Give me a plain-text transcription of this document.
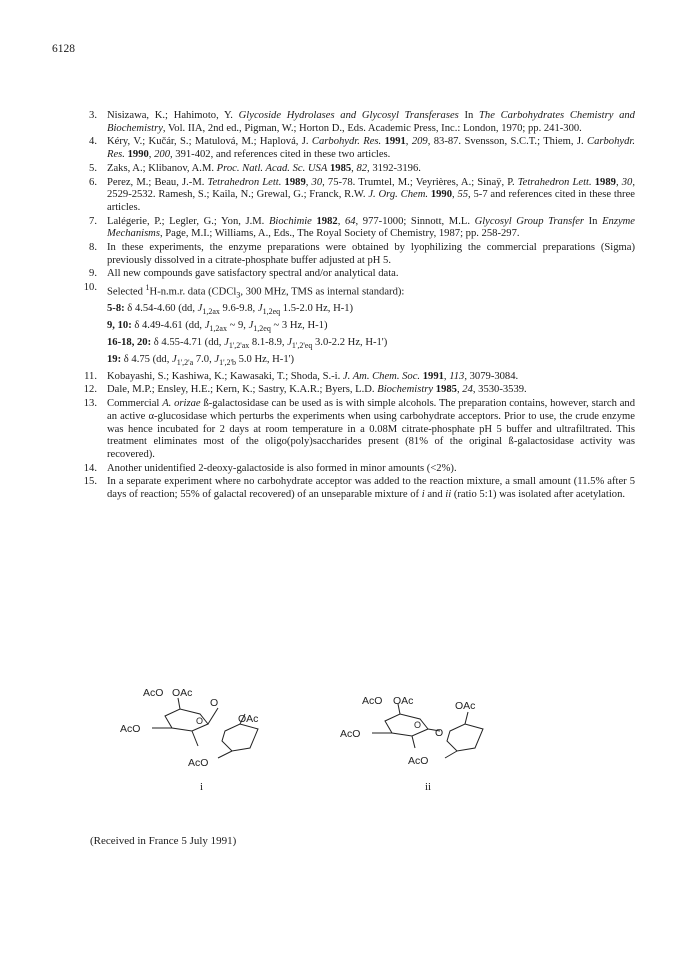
6128
3. Nisizawa, K.; Hahimoto, Y. Glycoside Hydrolases and Glycosyl Transferases In The Carbohydrates Chemistry and Biochemistry, Vol. IIA, 2nd ed., Pigman, W.; Horton D., Eds. Academic Press, Inc.: London, 1970; pp. 241-300.
4. Kéry, V.; Kučár, S.; Matulová, M.; Haplová, J. Carbohydr. Res. 1991, 209, 83-87. Svensson, S.C.T.; Thiem, J. Carbohydr. Res. 1990, 200, 391-402, and references cited in these two articles.
5. Zaks, A.; Klibanov, A.M. Proc. Natl. Acad. Sc. USA 1985, 82, 3192-3196.
6. Perez, M.; Beau, J.-M. Tetrahedron Lett. 1989, 30, 75-78. Trumtel, M.; Veyrières, A.; Sinaÿ, P. Tetrahedron Lett. 1989, 30, 2529-2532. Ramesh, S.; Kaila, N.; Grewal, G.; Franck, R.W. J. Org. Chem. 1990, 55, 5-7 and references cited in these three articles.
7. Lalégerie, P.; Legler, G.; Yon, J.M. Biochimie 1982, 64, 977-1000; Sinnott, M.L. Glycosyl Group Transfer In Enzyme Mechanisms, Page, M.I.; Williams, A., Eds., The Royal Society of Chemistry, 1987; pp. 258-297.
8. In these experiments, the enzyme preparations were obtained by lyophilizing the commercial preparations (Sigma) previously dissolved in a citrate-phosphate buffer adjusted at pH 5.
9. All new compounds gave satisfactory spectral and/or analytical data.
10. Selected $^1$H-n.m.r. data (CDCl$_3$, 300 MHz, TMS as internal standard):
5-8: δ 4.54-4.60 (dd, $J_{1,2ax}$ 9.6-9.8, $J_{1,2eq}$ 1.5-2.0 Hz, H-1)
9, 10: δ 4.49-4.61 (dd, $J_{1,2ax}$ ~ 9, $J_{1,2eq}$ ~ 3 Hz, H-1)
16-18, 20: δ 4.55-4.71 (dd, $J_{1',2'ax}$ 8.1-8.9, $J_{1',2'eq}$ 3.0-2.2 Hz, H-1')
19: δ 4.75 (dd, $J_{1',2'a}$ 7.0, $J_{1',2'b}$ 5.0 Hz, H-1')
11. Kobayashi, S.; Kashiwa, K.; Kawasaki, T.; Shoda, S.-i. J. Am. Chem. Soc. 1991, 113, 3079-3084.
12. Dale, M.P.; Ensley, H.E.; Kern, K.; Sastry, K.A.R.; Byers, L.D. Biochemistry 1985, 24, 3530-3539.
13. Commercial A. orizae ß-galactosidase can be used as is with simple alcohols. The preparation contains, however, starch and an active α-glucosidase which perturbs the experiments when using carbohydrate acceptors. Prior to use, the crude enzyme was hence incubated for 2 days at room temperature in a 0.08M citrate-phosphate pH 5 buffer and ultrafiltrated. This treatment eliminates most of the oligo(poly)saccharides present (81% of the original ß-galactosidase activity was recovered).
14. Another unidentified 2-deoxy-galactoside is also formed in minor amounts (<2%).
15. In a separate experiment where no carbohydrate acceptor was added to the reaction mixture, a small amount (11.5% after 5 days of reaction; 55% of galactal recovered) of an unseparable mixture of i and ii (ratio 5:1) was isolated after acetylation.
AcO OAc
O
AcO
O	OAc
AcO
AcO OAc	OAc
O
AcO
O
AcO
i	ii
(Received in France 5 July 1991)
